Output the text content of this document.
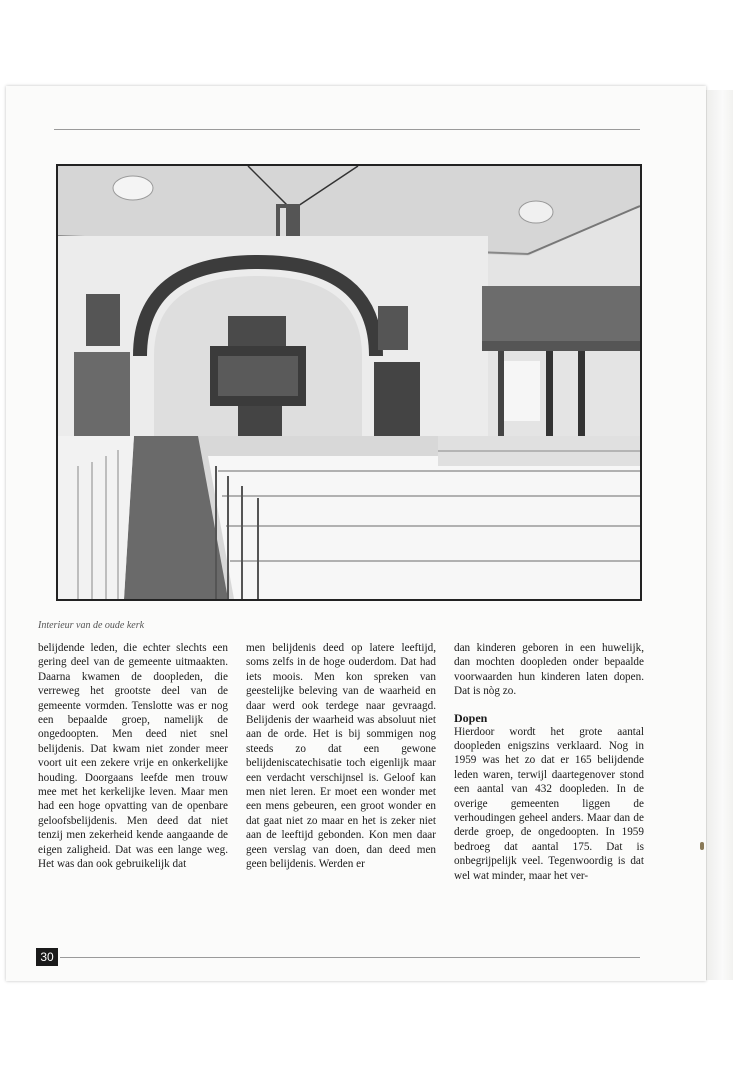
Interieur van de oude kerk

belijdende leden, die echter slechts een gering deel van de gemeente uitmaakten. Daarna kwamen de doopleden, die verreweg het grootste deel van de gemeente vormden. Tenslotte was er nog een bepaalde groep, namelijk de ongedoopten. Men deed niet snel belijdenis. Dat kwam niet zonder meer voort uit een zekere vrije en onkerkelijke houding. Doorgaans leefde men trouw mee met het kerkelijke leven. Maar men had een hoge opvatting van de openbare geloofsbelijdenis. Men deed dat niet tenzij men zekerheid kende aangaande de eigen zaligheid. Dat was een lange weg. Het was dan ook gebruikelijk dat

men belijdenis deed op latere leeftijd, soms zelfs in de hoge ouderdom. Dat had iets moois. Men kon spreken van geestelijke beleving van de waarheid en daar werd ook terdege naar gevraagd. Belijdenis der waarheid was absoluut niet aan de orde. Het is bij sommigen nog steeds zo dat een gewone belijdeniscatechisatie toch eigenlijk maar een verdacht verschijnsel is. Geloof kan men niet leren. Er moet een wonder met een mens gebeuren, een groot wonder en dat gaat niet zo maar en het is zeker niet aan de leeftijd gebonden. Kon men daar geen verslag van doen, dan deed men geen belijdenis. Werden er

dan kinderen geboren in een huwelijk, dan mochten doopleden onder bepaalde voorwaarden hun kinderen laten dopen. Dat is nòg zo.

Dopen

Hierdoor wordt het grote aantal doopleden enigszins verklaard. Nog in 1959 was het zo dat er 165 belijdende leden waren, terwijl daartegenover stond een aantal van 432 doopleden. In de overige gemeenten liggen de verhoudingen geheel anders. Maar dan de derde groep, de ongedoopten. In 1959 bedroeg dat aantal 175. Dat is onbegrijpelijk veel. Tegenwoordig is dat wel wat minder, maar het ver-

30
